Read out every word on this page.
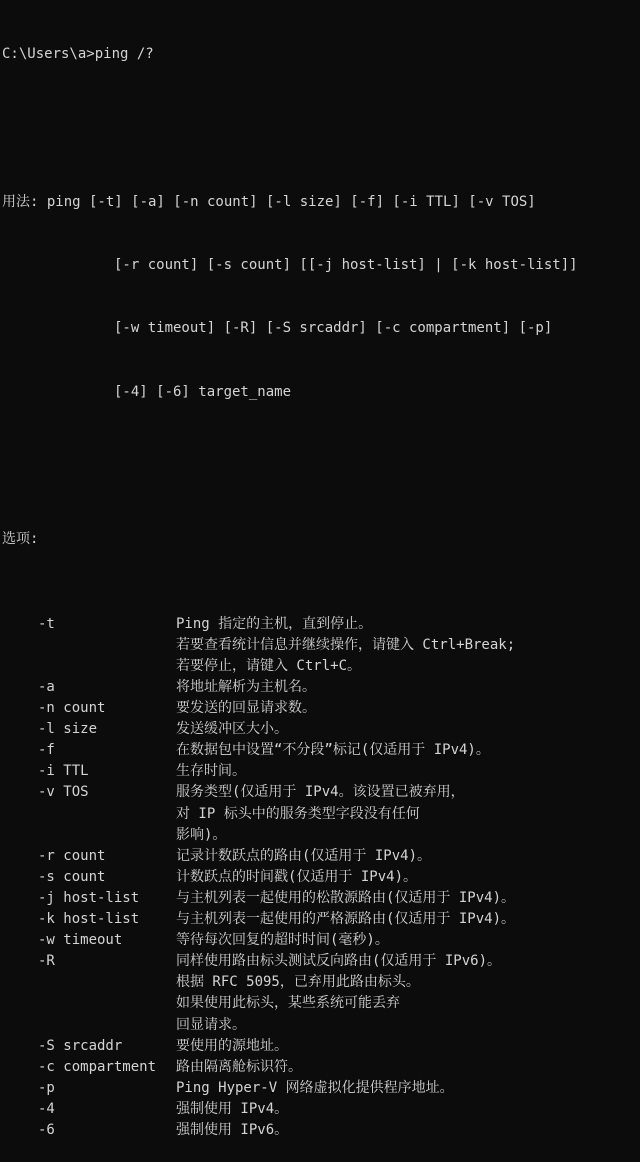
C:\Users\a>ping /?

用法: ping [-t] [-a] [-n count] [-l size] [-f] [-i TTL] [-v TOS]

[-r count] [-s count] [[-j host-list] | [-k host-list]]

[-w timeout] [-R] [-S srcaddr] [-c compartment] [-p]

[-4] [-6] target_name

选项:

-t	Ping 指定的主机，直到停止。
若要查看统计信息并继续操作，请键入 Ctrl+Break;
若要停止，请键入 Ctrl+C。
-a	将地址解析为主机名。
-n count	要发送的回显请求数。
-l size	发送缓冲区大小。
-f	在数据包中设置“不分段”标记(仅适用于 IPv4)。
-i TTL	生存时间。
-v TOS	服务类型(仅适用于 IPv4。该设置已被弃用，
对 IP 标头中的服务类型字段没有任何
影响)。
-r count	记录计数跃点的路由(仅适用于 IPv4)。
-s count	计数跃点的时间戳(仅适用于 IPv4)。
-j host-list	与主机列表一起使用的松散源路由(仅适用于 IPv4)。
-k host-list	与主机列表一起使用的严格源路由(仅适用于 IPv4)。
-w timeout	等待每次回复的超时时间(毫秒)。
-R	同样使用路由标头测试反向路由(仅适用于 IPv6)。
根据 RFC 5095，已弃用此路由标头。
如果使用此标头，某些系统可能丢弃
回显请求。
-S srcaddr	要使用的源地址。
-c compartment 路由隔离舱标识符。
-p	Ping Hyper-V 网络虚拟化提供程序地址。
-4	强制使用 IPv4。
-6	强制使用 IPv6。
